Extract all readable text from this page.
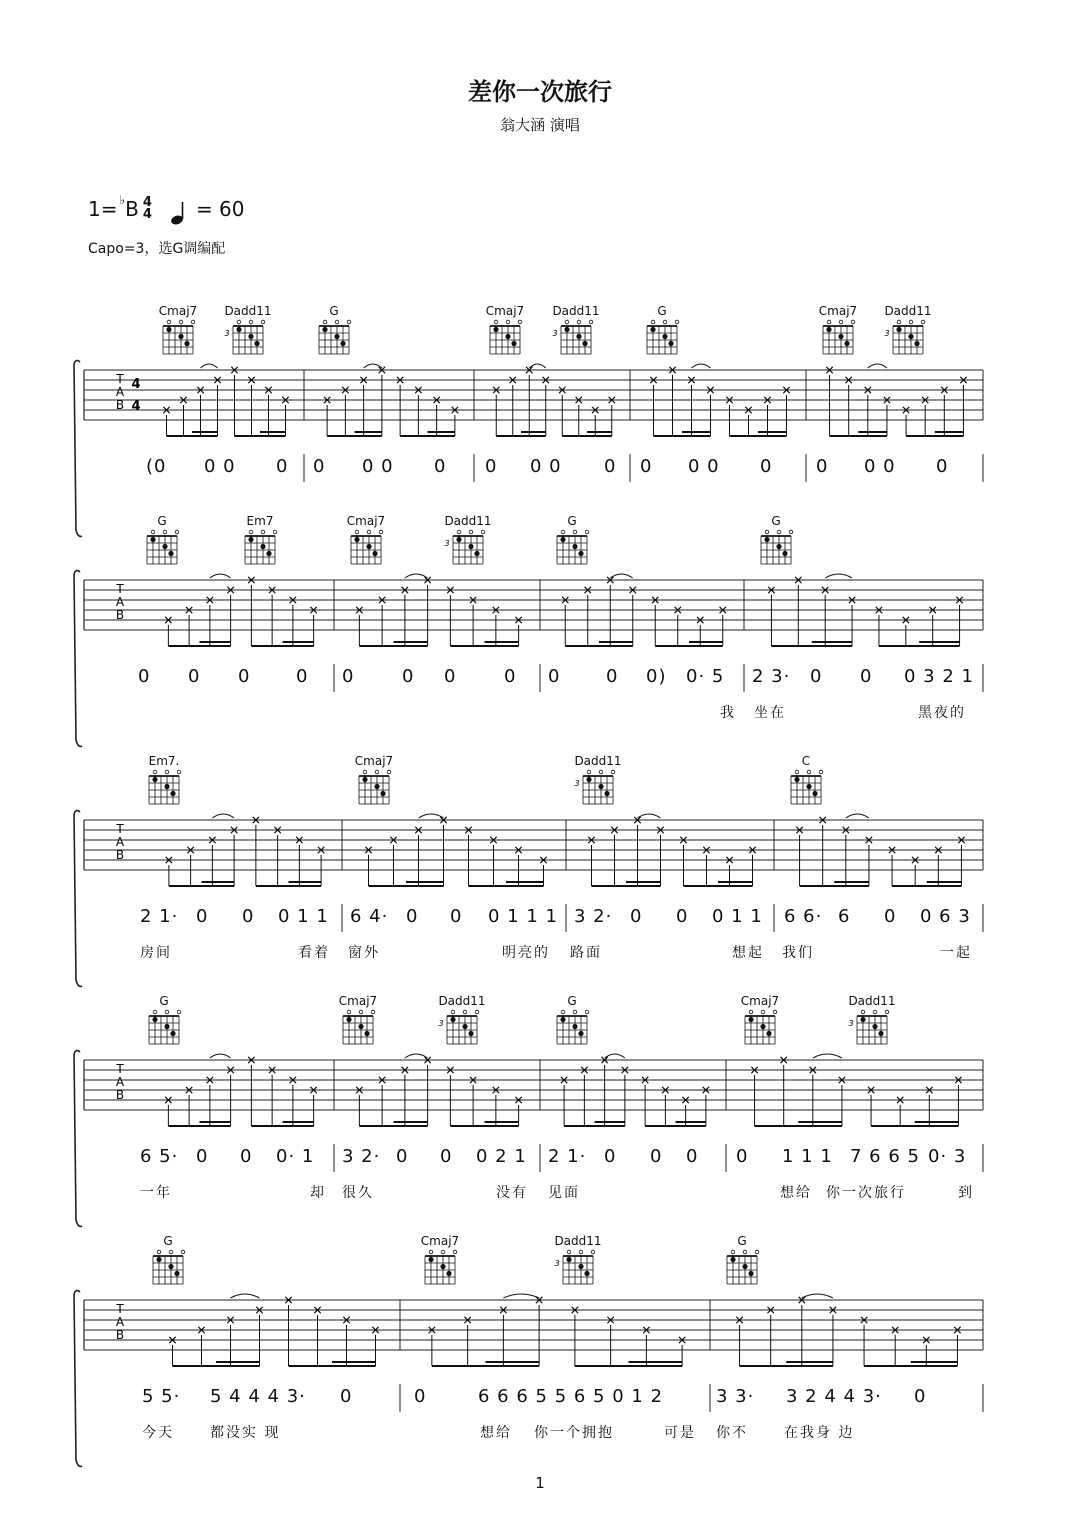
差你一次旅行
翁大涵 演唱
1= ♭ B 4
4 = 60
Capo=3，选G调编配
T
A
B
4
4
3	3	3
Cmaj7 Dadd11	G	Cmaj7 Dadd11	G	Cmaj7 Dadd11
(0 0 0 0 0 0 0 0 0 0 0 0 0 0 0 0 0 0 0 0
T
A
B
3
G	Em7	Cmaj7	Dadd11	G	G
0 0 0	0 0	0 0	0 0	0 0) 0· 5 2 3· 0 0 0 3 2 1
我 坐在	黑夜的
T
A
B
3
Em7.	Cmaj7	Dadd11	C
2 1· 0 0 0 1 1 6 4· 0 0 0 1 1 1 3 2· 0 0 0 1 1 6 6· 6 0 0 6 3
房间	看着 窗外	明亮的 路面	想起 我们	一起
T
A
B
3	3
G	Cmaj7	Dadd11	G	Cmaj7	Dadd11
6 5· 0 0 0· 1 3 2· 0 0 0 2 1 2 1· 0 0 0 0 1 1 1 7 6 6 5 0· 3
一年	却 很久	没有 见面	想给 你一次旅行	到
T
A
B
3
G	Cmaj7	Dadd11	G
5 5· 5 4 4 4 3· 0	0	6 6 6 5 5 6 5 0 1 2	3 3· 3 2 4 4 3· 0
今天	都没实 现	想给 你一个拥抱	可是 你不	在我身 边
1
